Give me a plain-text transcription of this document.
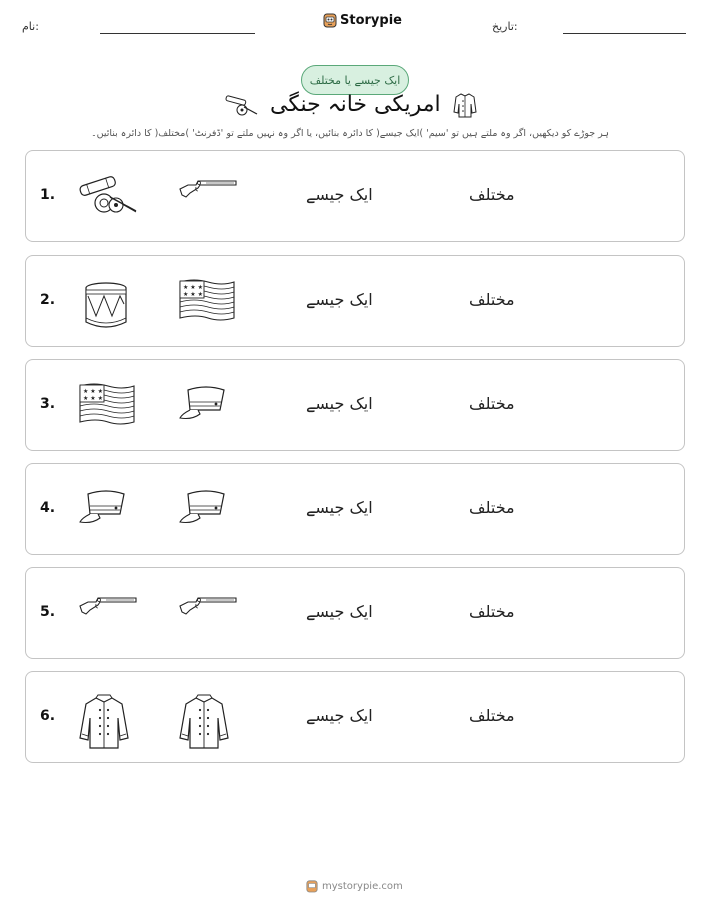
نام:	Storypie	تاریخ:
ایک جیسے یا مختلف
امریکی خانہ جنگی
ہر جوڑے کو دیکھیں، اگر وہ ملتے ہیں تو 'سیم' )ایک جیسے( کا دائرہ بنائیں، یا اگر وہ نہیں ملتے تو 'ڈفرنٹ' )مختلف( کا دائرہ بنائیں۔
1.	ایک جیسے	مختلف
2.
★ ★ ★
★ ★ ★	ایک جیسے	مختلف
3.
★ ★ ★
★ ★ ★	ایک جیسے	مختلف
4.	ایک جیسے	مختلف
5.	ایک جیسے	مختلف
6.	ایک جیسے	مختلف
mystorypie.com
